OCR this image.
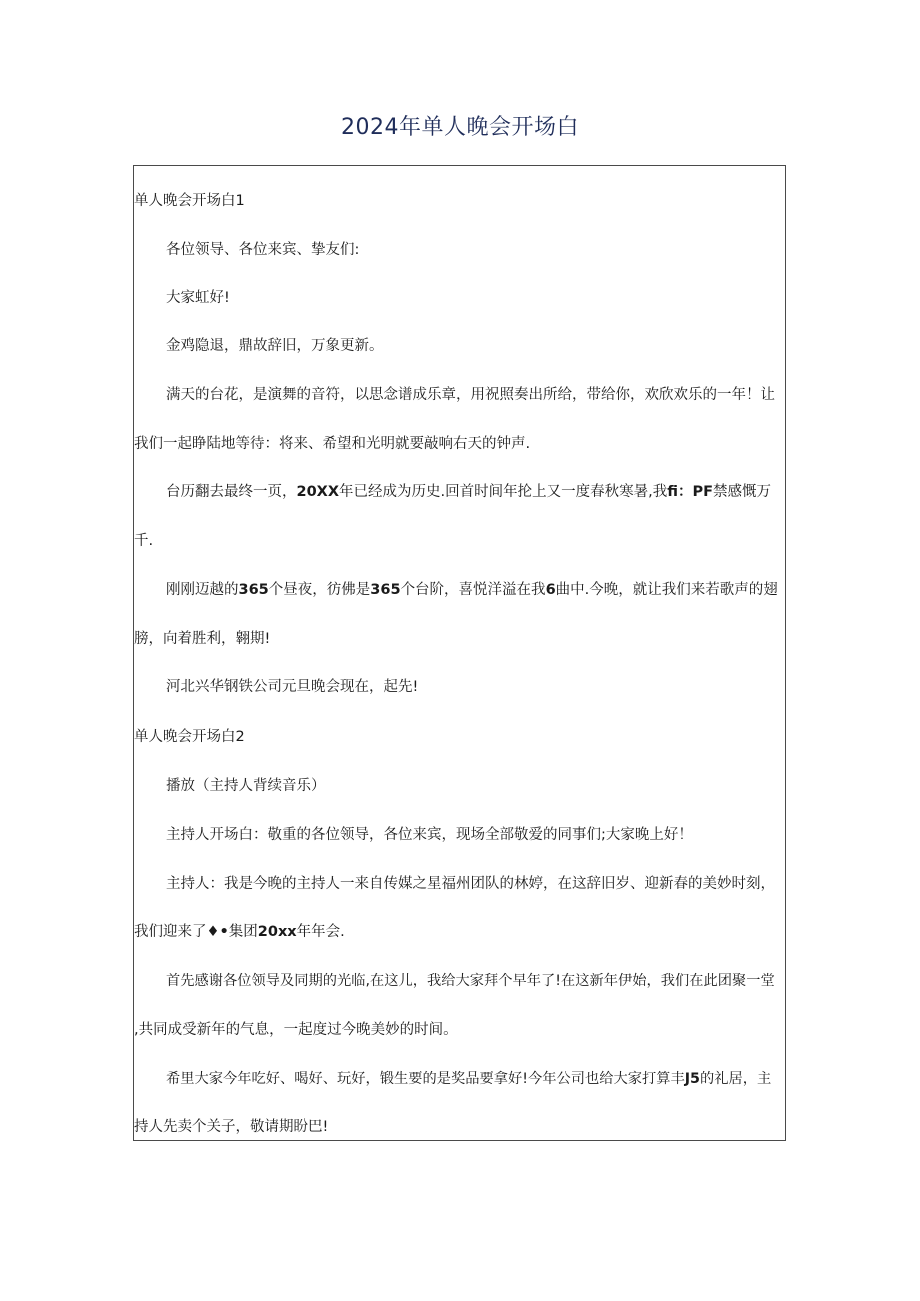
2024年单人晚会开场白
单人晚会开场白1
各位领导、各位来宾、挚友们:
大家虹好!
金鸡隐退，鼎故辞旧，万象更新。
满天的台花，是演舞的音符，以思念谱成乐章，用祝照奏出所给，带给你，欢欣欢乐的一年！让
我们一起睁陆地等待：将来、希望和光明就要敲响右天的钟声.
台历翻去最终一页，20XX年已经成为历史.回首时间年抡上又一度春秋寒暑,我fi：PF禁感慨万
千.
刚刚迈越的365个昼夜，彷佛是365个台阶，喜悦洋溢在我6曲中.今晚，就让我们来若歌声的翅
膀，向着胜利，翱期!
河北兴华钢铁公司元旦晚会现在，起先!
单人晚会开场白2
播放（主持人背续音乐）
主持人开场白：敬重的各位领导，各位来宾，现场全部敬爱的同事们;大家晚上好！
主持人：我是今晚的主持人一来自传媒之星福州团队的林婷，在这辞旧岁、迎新春的美妙时刻，
我们迎来了♦•集团20xx年年会.
首先感谢各位领导及同期的光临,在这儿，我给大家拜个早年了!在这新年伊始，我们在此团聚一堂
,共同成受新年的气息，一起度过今晚美妙的时间。
希里大家今年吃好、喝好、玩好，锻生要的是奖品要拿好!今年公司也给大家打算丰J5的礼居，主
持人先卖个关子，敬请期盼巴!
